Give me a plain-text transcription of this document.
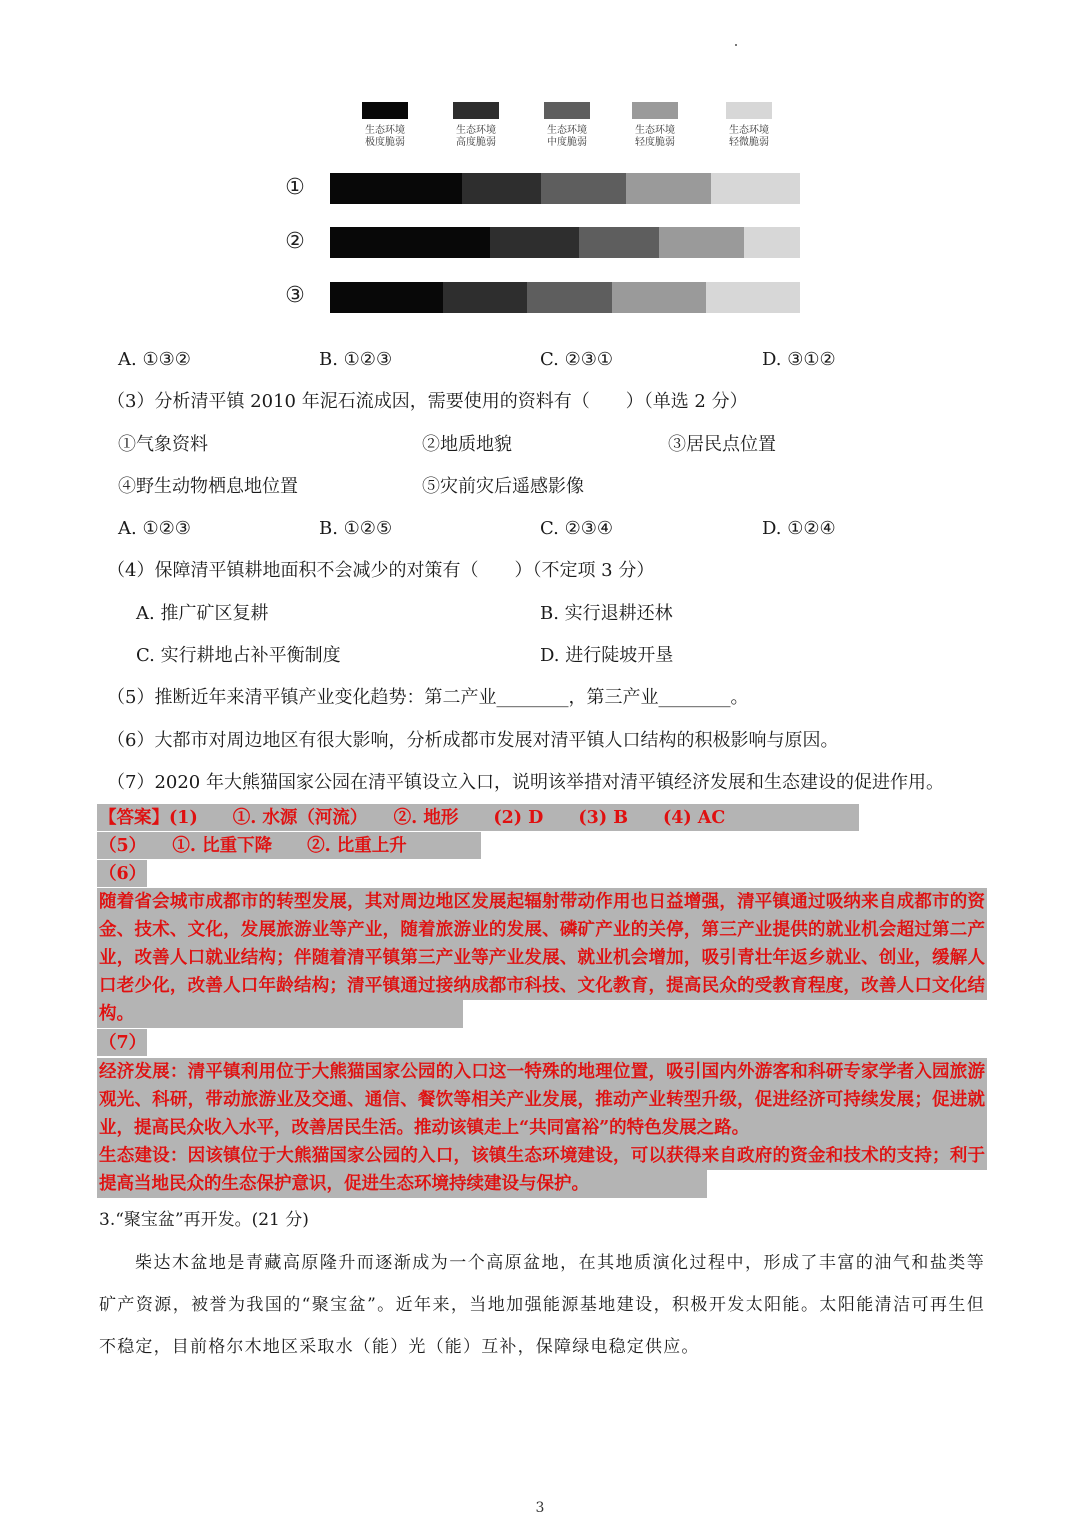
生态环境
极度脆弱
生态环境
高度脆弱
生态环境
中度脆弱
生态环境
轻度脆弱
生态环境
轻微脆弱
①
②
③
A. ①③②	B. ①②③	C. ②③①	D. ③①②
（3）分析清平镇 2010 年泥石流成因，需要使用的资料有（　　）（单选 2 分）
①气象资料	②地质地貌	③居民点位置
④野生动物栖息地位置	⑤灾前灾后遥感影像
A. ①②③	B. ①②⑤	C. ②③④	D. ①②④
（4）保障清平镇耕地面积不会减少的对策有（　　）（不定项 3 分）
A. 推广矿区复耕	B. 实行退耕还林
C. 实行耕地占补平衡制度	D. 进行陡坡开垦
（5）推断近年来清平镇产业变化趋势：第二产业________，第三产业________。
（6）大都市对周边地区有很大影响，分析成都市发展对清平镇人口结构的积极影响与原因。
（7）2020 年大熊猫国家公园在清平镇设立入口，说明该举措对清平镇经济发展和生态建设的促进作用。
【答案】(1)　　①. 水源（河流）　　②. 地形　　(2) D　　(3) B　　(4) AC
（5）　　①. 比重下降　　②. 比重上升
（6）
随着省会城市成都市的转型发展，其对周边地区发展起辐射带动作用也日益增强，清平镇通过吸纳来自成都市的资金、技术、文化，发展旅游业等产业，随着旅游业的发展、磷矿产业的关停，第三产业提供的就业机会超过第二产业，改善人口就业结构；伴随着清平镇第三产业等产业发展、就业机会增加，吸引青壮年返乡就业、创业，缓解人口老少化，改善人口年龄结构；清平镇通过接纳成都市科技、文化教育，提高民众的受教育程度，改善人口文化结构。
（7）
经济发展：清平镇利用位于大熊猫国家公园的入口这一特殊的地理位置，吸引国内外游客和科研专家学者入园旅游观光、科研，带动旅游业及交通、通信、餐饮等相关产业发展，推动产业转型升级，促进经济可持续发展；促进就业，提高民众收入水平，改善居民生活。推动该镇走上“共同富裕”的特色发展之路。
生态建设：因该镇位于大熊猫国家公园的入口，该镇生态环境建设，可以获得来自政府的资金和技术的支持；利于提高当地民众的生态保护意识，促进生态环境持续建设与保护。
3.“聚宝盆”再开发。(21 分)
柴达木盆地是青藏高原隆升而逐渐成为一个高原盆地，在其地质演化过程中，形成了丰富的油气和盐类等矿产资源，被誉为我国的“聚宝盆”。近年来，当地加强能源基地建设，积极开发太阳能。太阳能清洁可再生但不稳定，目前格尔木地区采取水（能）光（能）互补，保障绿电稳定供应。
3
